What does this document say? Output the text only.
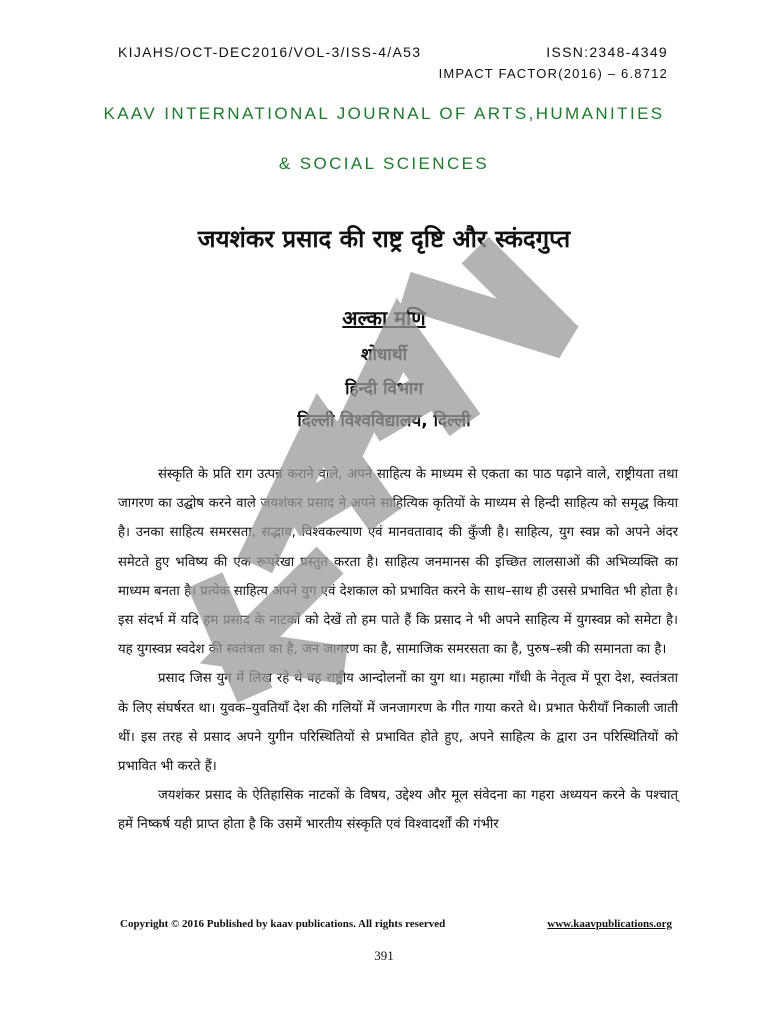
KIJAHS/OCT-DEC2016/VOL-3/ISS-4/A53	ISSN:2348-4349
IMPACT FACTOR(2016) – 6.8712
KAAV INTERNATIONAL JOURNAL OF ARTS,HUMANITIES
& SOCIAL SCIENCES
जयशंकर प्रसाद की राष्ट्र दृष्टि और स्कंदगुप्त
अल्का मणि
शोधार्थी
हिन्दी विभाग
दिल्ली विश्वविद्यालय, दिल्ली

संस्कृति के प्रति राग उत्पन्न कराने वाले, अपने साहित्य के माध्यम से एकता का पाठ पढ़ाने वाले, राष्ट्रीयता तथा जागरण का उद्घोष करने वाले जयशंकर प्रसाद ने अपने साहित्यिक कृतियों के माध्यम से हिन्दी साहित्य को समृद्ध किया है। उनका साहित्य समरसता, सद्भाव, विश्वकल्याण एवं मानवतावाद की कुँजी है। साहित्य, युग स्वप्न को अपने अंदर समेटते हुए भविष्य की एक रूपरेखा प्रस्तुत करता है। साहित्य जनमानस की इच्छित लालसाओं की अभिव्यक्ति का माध्यम बनता है। प्रत्येक साहित्य अपने युग एवं देशकाल को प्रभावित करने के साथ–साथ ही उससे प्रभावित भी होता है। इस संदर्भ में यदि हम प्रसाद के नाटकों को देखें तो हम पाते हैं कि प्रसाद ने भी अपने साहित्य में युगस्वप्न को समेटा है। यह युगस्वप्न स्वदेश की स्वतंत्रता का है, जन जागरण का है, सामाजिक समरसता का है, पुरुष–स्त्री की समानता का है।

प्रसाद जिस युग में लिख रहे थे वह राष्ट्रीय आन्दोलनों का युग था। महात्मा गाँधी के नेतृत्व में पूरा देश, स्वतंत्रता के लिए संघर्षरत था। युवक–युवतियाँ देश की गलियों में जनजागरण के गीत गाया करते थे। प्रभात फेरीयाँ निकाली जाती थीं। इस तरह से प्रसाद अपने युगीन परिस्थितियों से प्रभावित होते हुए, अपने साहित्य के द्वारा उन परिस्थितियों को प्रभावित भी करते हैं।

जयशंकर प्रसाद के ऐतिहासिक नाटकों के विषय, उद्देश्य और मूल संवेदना का गहरा अध्ययन करने के पश्चात् हमें निष्कर्ष यही प्राप्त होता है कि उसमें भारतीय संस्कृति एवं विश्वादर्शों की गंभीर

Copyright © 2016 Published by kaav publications. All rights reserved	www.kaavpublications.org
391
